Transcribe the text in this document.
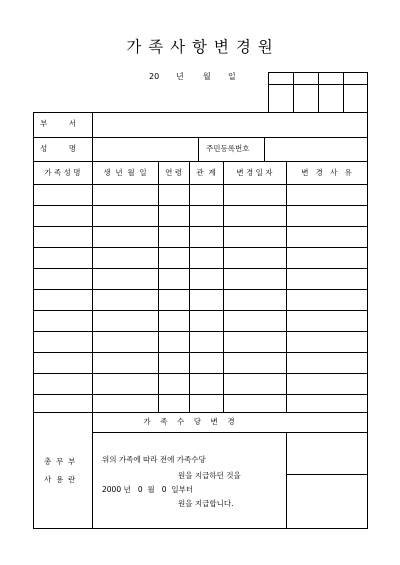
가 족 사 항 변 경 원

20

년

월

일

부         서
성         명	주민등록번호
가 족 성 명	생  년  월  일	연 령	관  계	변 경 일 자	변   경   사   유
가    족    수    당    변    경
총  무  부
사  용  란
위의 가족에 따라 전에 가족수당
원을 지급하던 것을
2000 년   0  월   0  일부터
원을 지급합니다.
